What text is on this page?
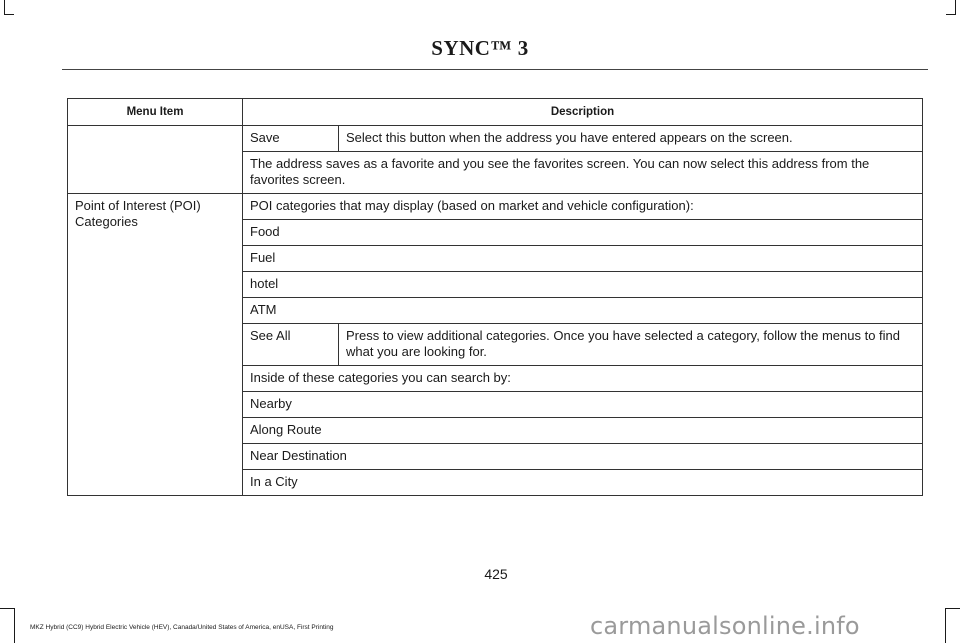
SYNC™ 3
Menu Item	Description	
	Save	Select this button when the address you have entered appears on the screen.
	The address saves as a favorite and you see the favorites screen. You can now select this address from the favorites screen.	
Point of Interest (POI) Categories	POI categories that may display (based on market and vehicle configuration):	
	Food	
	Fuel	
	hotel	
	ATM	
	See All	Press to view additional categories. Once you have selected a category, follow the menus to find what you are looking for.
	Inside of these categories you can search by:	
	Nearby	
	Along Route	
	Near Destination	
	In a City	
425
MKZ Hybrid (CC9) Hybrid Electric Vehicle (HEV), Canada/United States of America, enUSA, First Printing	carmanualsonline.info
